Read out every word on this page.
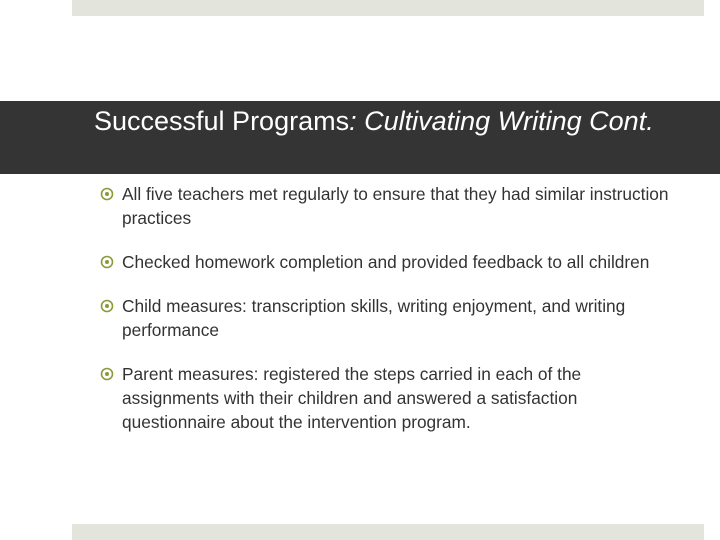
Successful Programs: Cultivating Writing Cont.
All five teachers met regularly to ensure that they had similar instruction practices
Checked homework completion and provided feedback to all children
Child measures: transcription skills, writing enjoyment, and writing performance
Parent measures: registered the steps carried in each of the assignments with their children and answered a satisfaction questionnaire about the intervention program.
